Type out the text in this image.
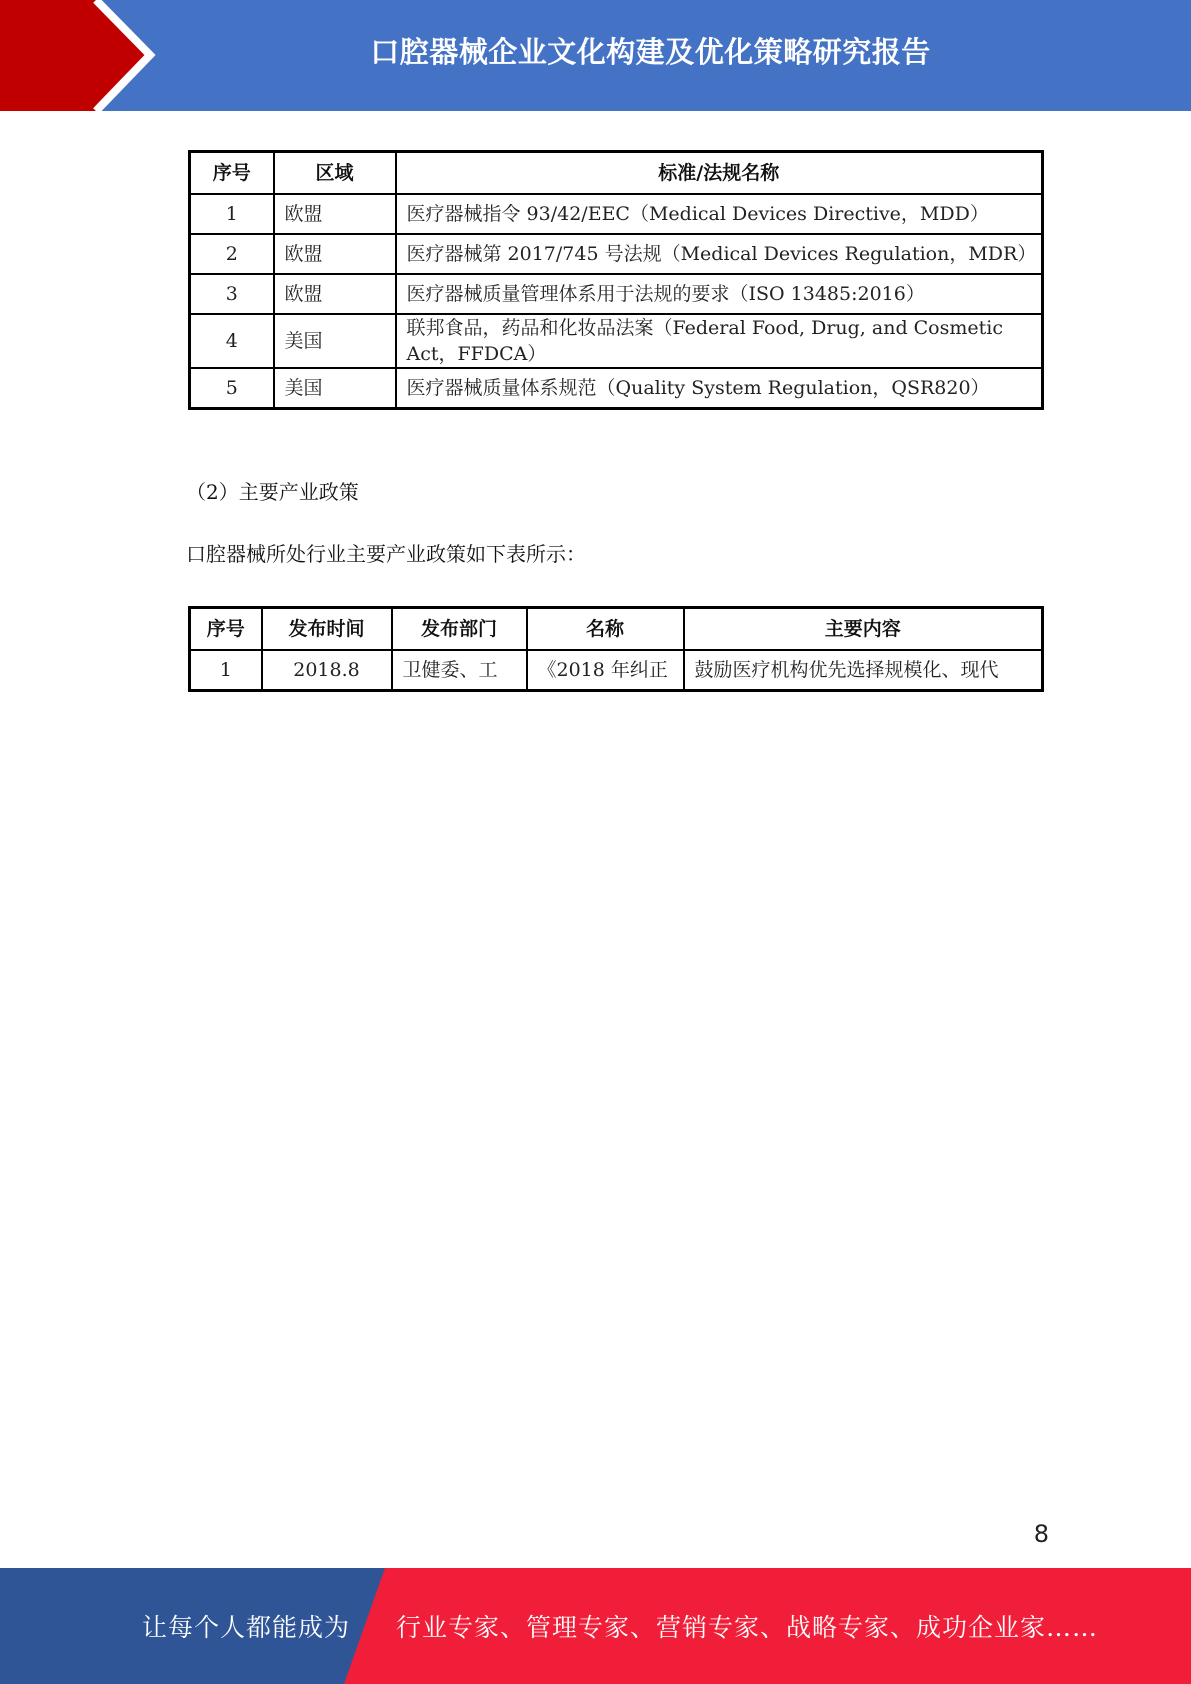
口腔器械企业文化构建及优化策略研究报告
序号	区域	标准/法规名称
1	欧盟	医疗器械指令 93/42/EEC（Medical Devices Directive，MDD）
2	欧盟	医疗器械第 2017/745 号法规（Medical Devices Regulation，MDR）
3	欧盟	医疗器械质量管理体系用于法规的要求（ISO 13485:2016）
4	美国	联邦食品，药品和化妆品法案（Federal Food, Drug, and Cosmetic Act，FFDCA）
5	美国	医疗器械质量体系规范（Quality System Regulation，QSR820）
（2）主要产业政策
口腔器械所处行业主要产业政策如下表所示：
序号	发布时间	发布部门	名称	主要内容
1	2018.8	卫健委、工	《2018 年纠正	鼓励医疗机构优先选择规模化、现代
8
让每个人都能成为 行业专家、管理专家、营销专家、战略专家、成功企业家……
